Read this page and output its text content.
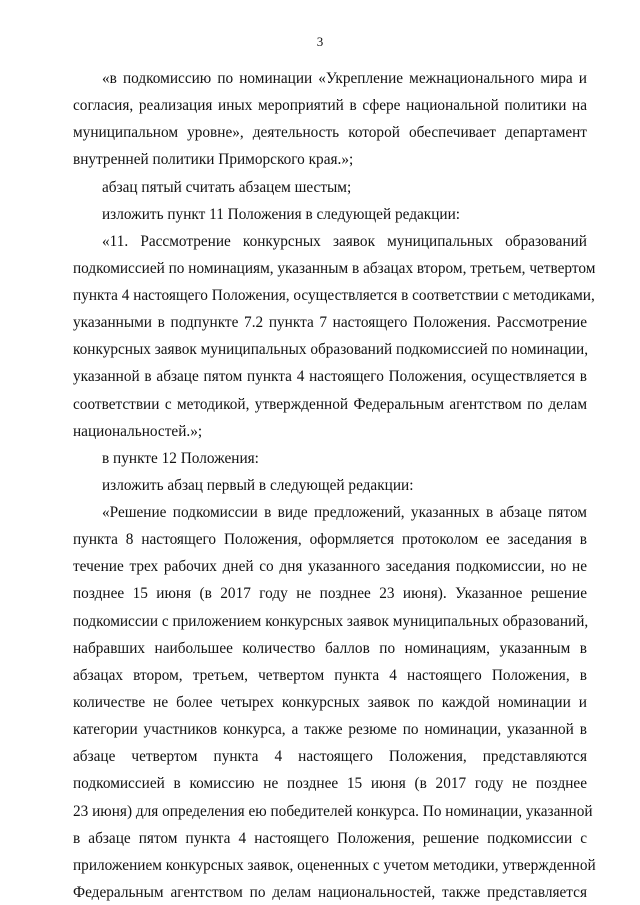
3
«в подкомиссию по номинации «Укрепление межнационального мира и
согласия, реализация иных мероприятий в сфере национальной политики на
муниципальном уровне», деятельность которой обеспечивает департамент
внутренней политики Приморского края.»;
абзац пятый считать абзацем шестым;
изложить пункт 11 Положения в следующей редакции:
«11. Рассмотрение конкурсных заявок муниципальных образований
подкомиссией по номинациям, указанным в абзацах втором, третьем, четвертом
пункта 4 настоящего Положения, осуществляется в соответствии с методиками,
указанными в подпункте 7.2 пункта 7 настоящего Положения. Рассмотрение
конкурсных заявок муниципальных образований подкомиссией по номинации,
указанной в абзаце пятом пункта 4 настоящего Положения, осуществляется в
соответствии с методикой, утвержденной Федеральным агентством по делам
национальностей.»;
в пункте 12 Положения:
изложить абзац первый в следующей редакции:
«Решение подкомиссии в виде предложений, указанных в абзаце пятом
пункта 8 настоящего Положения, оформляется протоколом ее заседания в
течение трех рабочих дней со дня указанного заседания подкомиссии, но не
позднее 15 июня (в 2017 году не позднее 23 июня). Указанное решение
подкомиссии с приложением конкурсных заявок муниципальных образований,
набравших наибольшее количество баллов по номинациям, указанным в
абзацах втором, третьем, четвертом пункта 4 настоящего Положения, в
количестве не более четырех конкурсных заявок по каждой номинации и
категории участников конкурса, а также резюме по номинации, указанной в
абзаце четвертом пункта 4 настоящего Положения, представляются
подкомиссией в комиссию не позднее 15 июня (в 2017 году не позднее
23 июня) для определения ею победителей конкурса. По номинации, указанной
в абзаце пятом пункта 4 настоящего Положения, решение подкомиссии с
приложением конкурсных заявок, оцененных с учетом методики, утвержденной
Федеральным агентством по делам национальностей, также представляется
